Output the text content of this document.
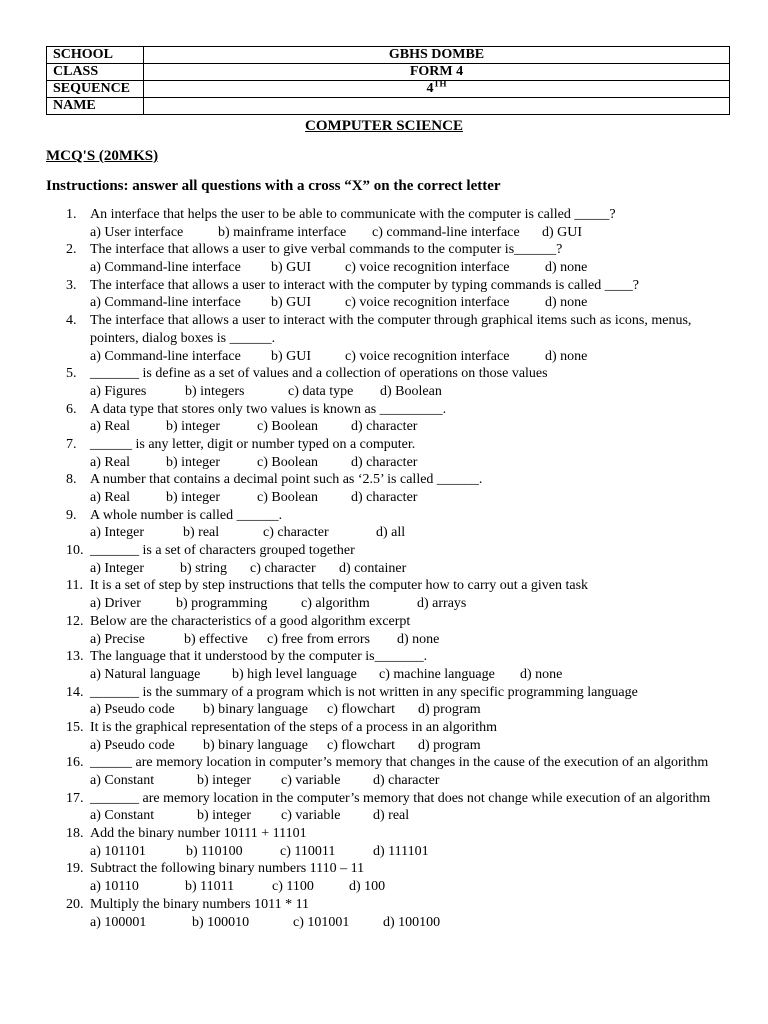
SCHOOL	GBHS DOMBE
CLASS	FORM 4
SEQUENCE	4TH
NAME	
COMPUTER SCIENCE
MCQ'S (20MKS)
Instructions: answer all questions with a cross “X” on the correct letter
1. An interface that helps the user to be able to communicate with the computer is called _____?
a) User interface b) mainframe interface c) command-line interface d) GUI
2. The interface that allows a user to give verbal commands to the computer is______?
a) Command-line interface b) GUI c) voice recognition interface	d) none
3. The interface that allows a user to interact with the computer by typing commands is called ____?
a) Command-line interface b) GUI c) voice recognition interface	d) none
4. The interface that allows a user to interact with the computer through graphical items such as icons, menus,
pointers, dialog boxes is ______.
a) Command-line interface b) GUI c) voice recognition interface	d) none
5. _______ is define as a set of values and a collection of operations on those values
a) Figures	b) integers	c) data type d) Boolean
6. A data type that stores only two values is known as _________.
a) Real	b) integer	c) Boolean d) character
7. ______ is any letter, digit or number typed on a computer.
a) Real	b) integer	c) Boolean d) character
8. A number that contains a decimal point such as ‘2.5’ is called ______.
a) Real	b) integer	c) Boolean d) character
9. A whole number is called ______.
a) Integer	b) real	c) character	d) all
10. _______ is a set of characters grouped together
a) Integer	b) string c) character d) container
11. It is a set of step by step instructions that tells the computer how to carry out a given task
a) Driver	b) programming c) algorithm	d) arrays
12. Below are the characteristics of a good algorithm excerpt
a) Precise	b) effective c) free from errors d) none
13. The language that it understood by the computer is_______.
a) Natural language b) high level language c) machine language d) none
14. _______ is the summary of a program which is not written in any specific programming language
a) Pseudo code b) binary language c) flowchart d) program
15. It is the graphical representation of the steps of a process in an algorithm
a) Pseudo code b) binary language c) flowchart d) program
16. ______ are memory location in computer’s memory that changes in the cause of the execution of an algorithm
a) Constant	b) integer c) variable d) character
17. _______ are memory location in the computer’s memory that does not change while execution of an algorithm
a) Constant	b) integer c) variable d) real
18. Add the binary number 10111 + 11101
a) 101101	b) 110100	c) 110011	d) 111101
19. Subtract the following binary numbers 1110 – 11
a) 10110	b) 11011	c) 1100	d) 100
20. Multiply the binary numbers 1011 * 11
a) 100001	b) 100010	c) 101001 d) 100100
